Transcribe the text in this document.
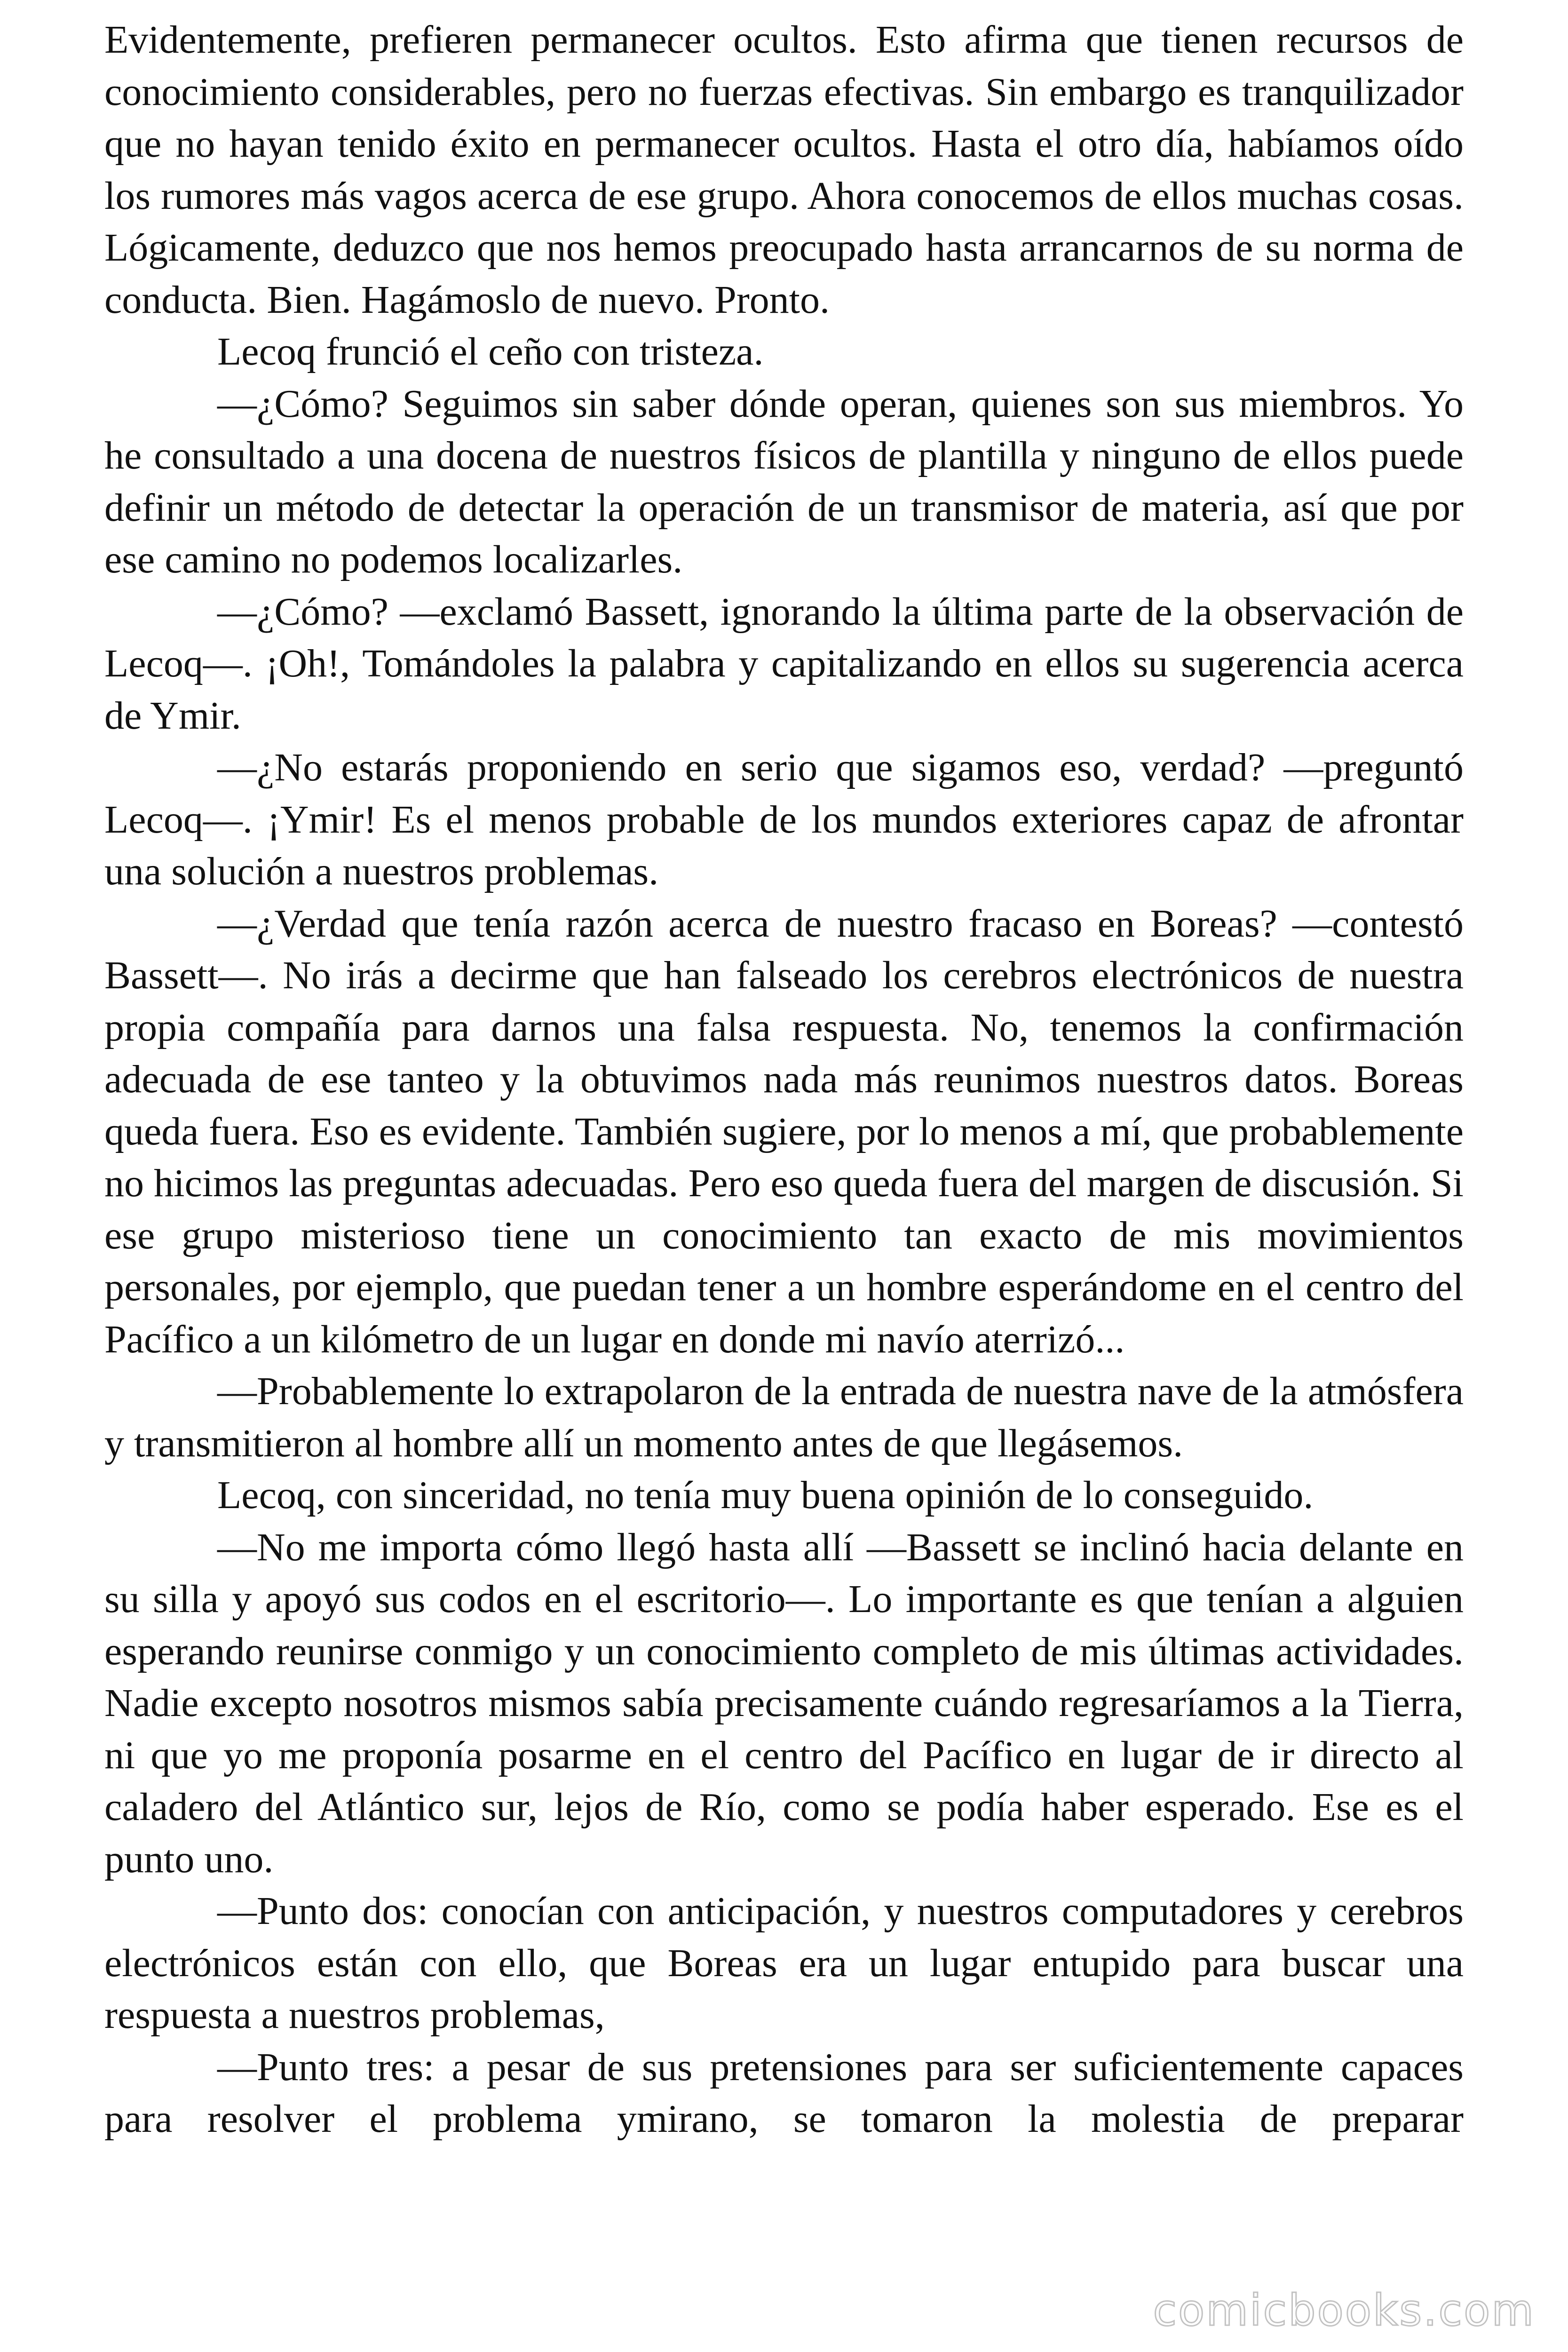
Evidentemente, prefieren permanecer ocultos. Esto afirma que tienen recursos de conocimiento considerables, pero no fuerzas efectivas. Sin embargo es tranquilizador que no hayan tenido éxito en permanecer ocultos. Hasta el otro día, habíamos oído los rumores más vagos acerca de ese grupo. Ahora conocemos de ellos muchas cosas. Lógicamente, deduzco que nos hemos preocupado hasta arrancarnos de su norma de conducta. Bien. Hagámoslo de nuevo. Pronto.

Lecoq frunció el ceño con tristeza.

—¿Cómo? Seguimos sin saber dónde operan, quienes son sus miembros. Yo he consultado a una docena de nuestros físicos de plantilla y ninguno de ellos puede definir un método de detectar la operación de un transmisor de materia, así que por ese camino no podemos localizarles.

—¿Cómo? —exclamó Bassett, ignorando la última parte de la observación de Lecoq—. ¡Oh!, Tomándoles la palabra y capitalizando en ellos su sugerencia acerca de Ymir.

—¿No estarás proponiendo en serio que sigamos eso, verdad? —preguntó Lecoq—. ¡Ymir! Es el menos probable de los mundos exteriores capaz de afrontar una solución a nuestros problemas.

—¿Verdad que tenía razón acerca de nuestro fracaso en Boreas? —contestó Bassett—. No irás a decirme que han falseado los cerebros electrónicos de nuestra propia compañía para darnos una falsa respuesta. No, tenemos la confirmación adecuada de ese tanteo y la obtuvimos nada más reunimos nuestros datos. Boreas queda fuera. Eso es evidente. También sugiere, por lo menos a mí, que probablemente no hicimos las preguntas adecuadas. Pero eso queda fuera del margen de discusión. Si ese grupo misterioso tiene un conocimiento tan exacto de mis movimientos personales, por ejemplo, que puedan tener a un hombre esperándome en el centro del Pacífico a un kilómetro de un lugar en donde mi navío aterrizó...

—Probablemente lo extrapolaron de la entrada de nuestra nave de la atmósfera y transmitieron al hombre allí un momento antes de que llegásemos.

Lecoq, con sinceridad, no tenía muy buena opinión de lo conseguido.

—No me importa cómo llegó hasta allí —Bassett se inclinó hacia delante en su silla y apoyó sus codos en el escritorio—. Lo importante es que tenían a alguien esperando reunirse conmigo y un conocimiento completo de mis últimas actividades. Nadie excepto nosotros mismos sabía precisamente cuándo regresaríamos a la Tierra, ni que yo me proponía posarme en el centro del Pacífico en lugar de ir directo al caladero del Atlántico sur, lejos de Río, como se podía haber esperado. Ese es el punto uno.

—Punto dos: conocían con anticipación, y nuestros computadores y cerebros electrónicos están con ello, que Boreas era un lugar entupido para buscar una respuesta a nuestros problemas,

—Punto tres: a pesar de sus pretensiones para ser suficientemente capaces para resolver el problema ymirano, se tomaron la molestia de preparar

comicbooks.com
